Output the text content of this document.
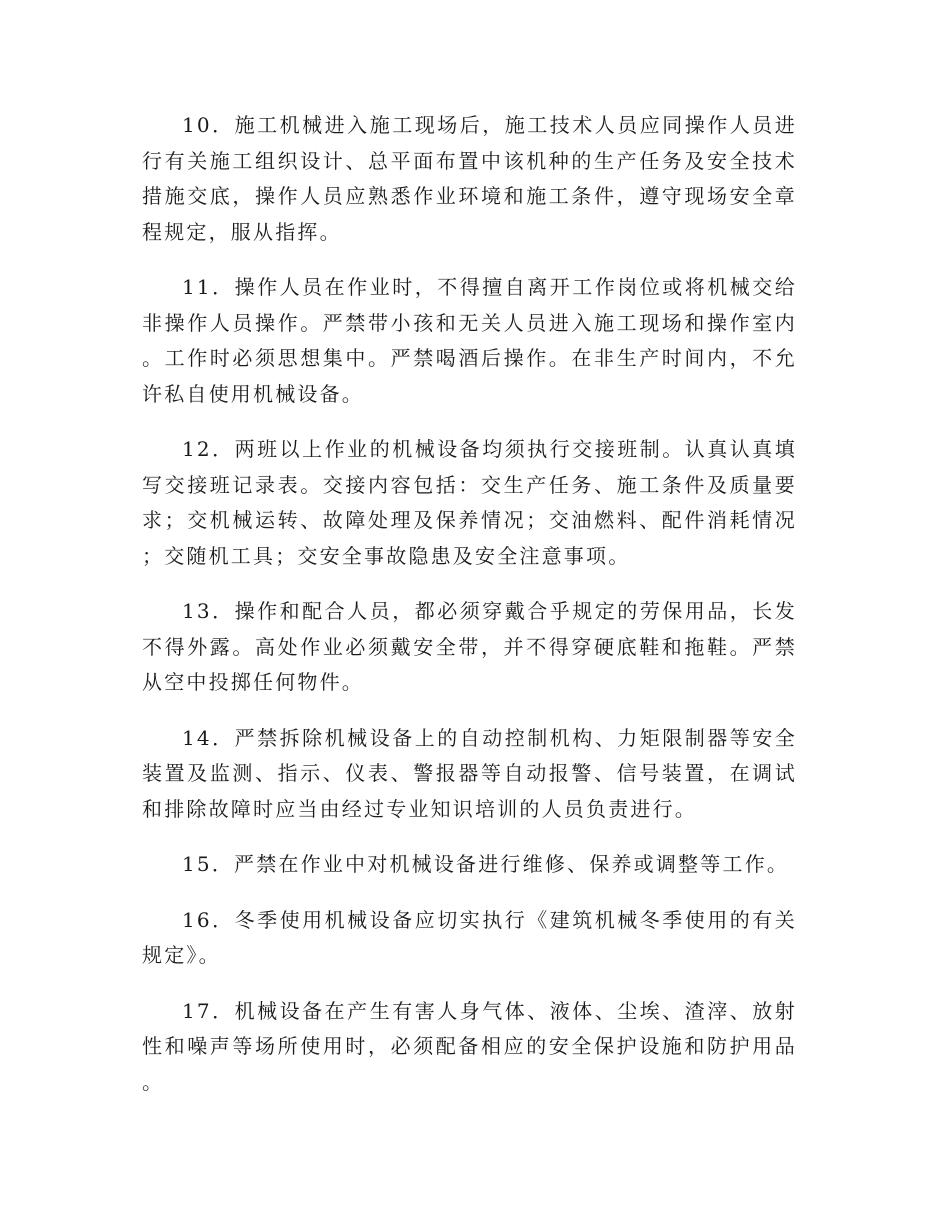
10．施工机械进入施工现场后，施工技术人员应同操作人员进行有关施工组织设计、总平面布置中该机种的生产任务及安全技术措施交底，操作人员应熟悉作业环境和施工条件，遵守现场安全章程规定，服从指挥。

11．操作人员在作业时，不得擅自离开工作岗位或将机械交给非操作人员操作。严禁带小孩和无关人员进入施工现场和操作室内。工作时必须思想集中。严禁喝酒后操作。在非生产时间内，不允许私自使用机械设备。

12．两班以上作业的机械设备均须执行交接班制。认真认真填写交接班记录表。交接内容包括：交生产任务、施工条件及质量要求；交机械运转、故障处理及保养情况；交油燃料、配件消耗情况；交随机工具；交安全事故隐患及安全注意事项。

13．操作和配合人员，都必须穿戴合乎规定的劳保用品，长发不得外露。高处作业必须戴安全带，并不得穿硬底鞋和拖鞋。严禁从空中投掷任何物件。

14．严禁拆除机械设备上的自动控制机构、力矩限制器等安全装置及监测、指示、仪表、警报器等自动报警、信号装置，在调试和排除故障时应当由经过专业知识培训的人员负责进行。

15．严禁在作业中对机械设备进行维修、保养或调整等工作。

16．冬季使用机械设备应切实执行《建筑机械冬季使用的有关规定》。

17．机械设备在产生有害人身气体、液体、尘埃、渣滓、放射性和噪声等场所使用时，必须配备相应的安全保护设施和防护用品。
